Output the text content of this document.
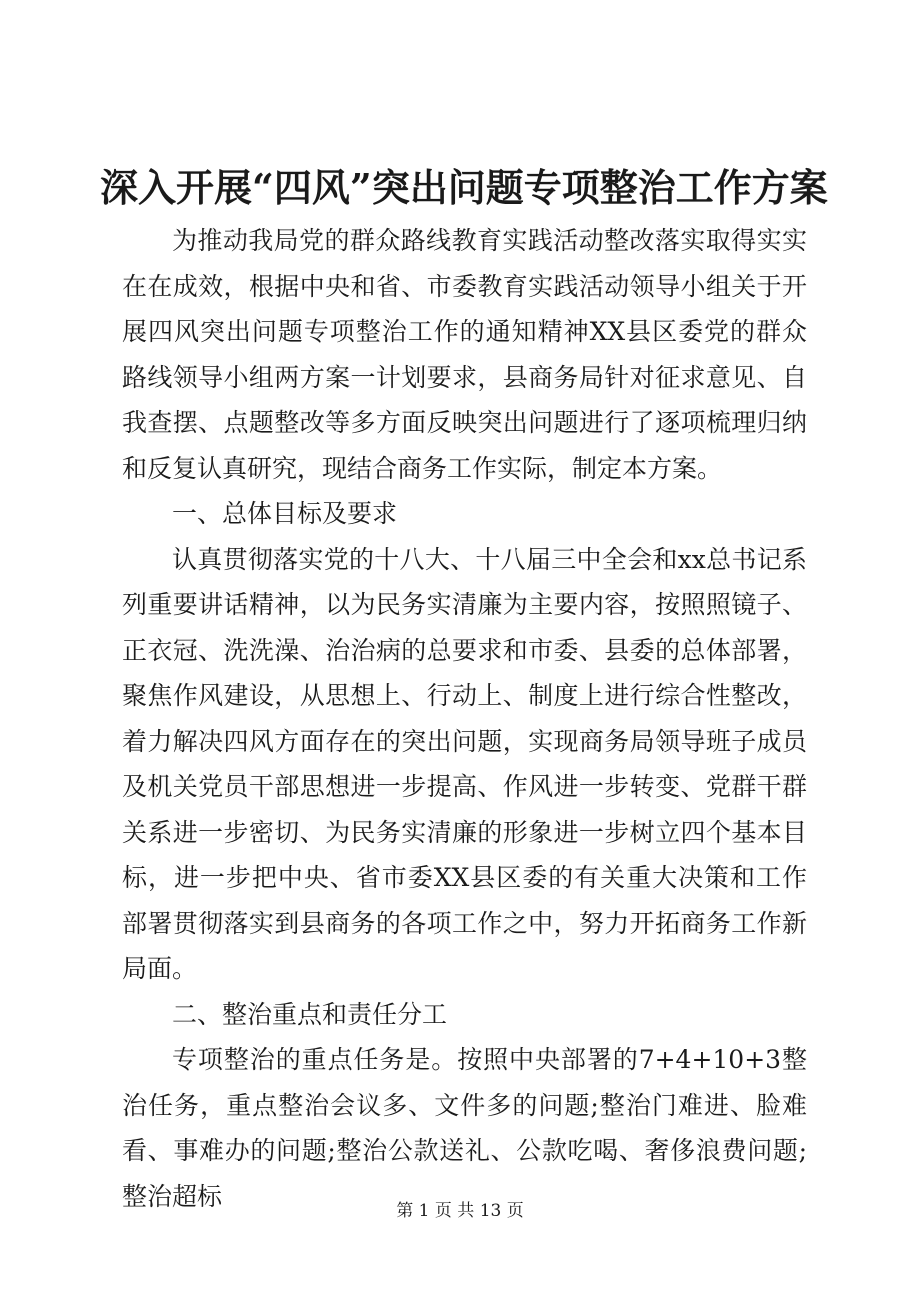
深入开展“四风”突出问题专项整治工作方案

为推动我局党的群众路线教育实践活动整改落实取得实实在在成效，根据中央和省、市委教育实践活动领导小组关于开展四风突出问题专项整治工作的通知精神XX县区委党的群众路线领导小组两方案一计划要求，县商务局针对征求意见、自我查摆、点题整改等多方面反映突出问题进行了逐项梳理归纳和反复认真研究，现结合商务工作实际，制定本方案。

一、总体目标及要求

认真贯彻落实党的十八大、十八届三中全会和xx总书记系列重要讲话精神，以为民务实清廉为主要内容，按照照镜子、正衣冠、洗洗澡、治治病的总要求和市委、县委的总体部署，聚焦作风建设，从思想上、行动上、制度上进行综合性整改，着力解决四风方面存在的突出问题，实现商务局领导班子成员及机关党员干部思想进一步提高、作风进一步转变、党群干群关系进一步密切、为民务实清廉的形象进一步树立四个基本目标，进一步把中央、省市委XX县区委的有关重大决策和工作部署贯彻落实到县商务的各项工作之中，努力开拓商务工作新局面。

二、整治重点和责任分工

专项整治的重点任务是。按照中央部署的7+4+10+3整治任务，重点整治会议多、文件多的问题;整治门难进、脸难看、事难办的问题;整治公款送礼、公款吃喝、奢侈浪费问题;整治超标

第 1 页 共 13 页
